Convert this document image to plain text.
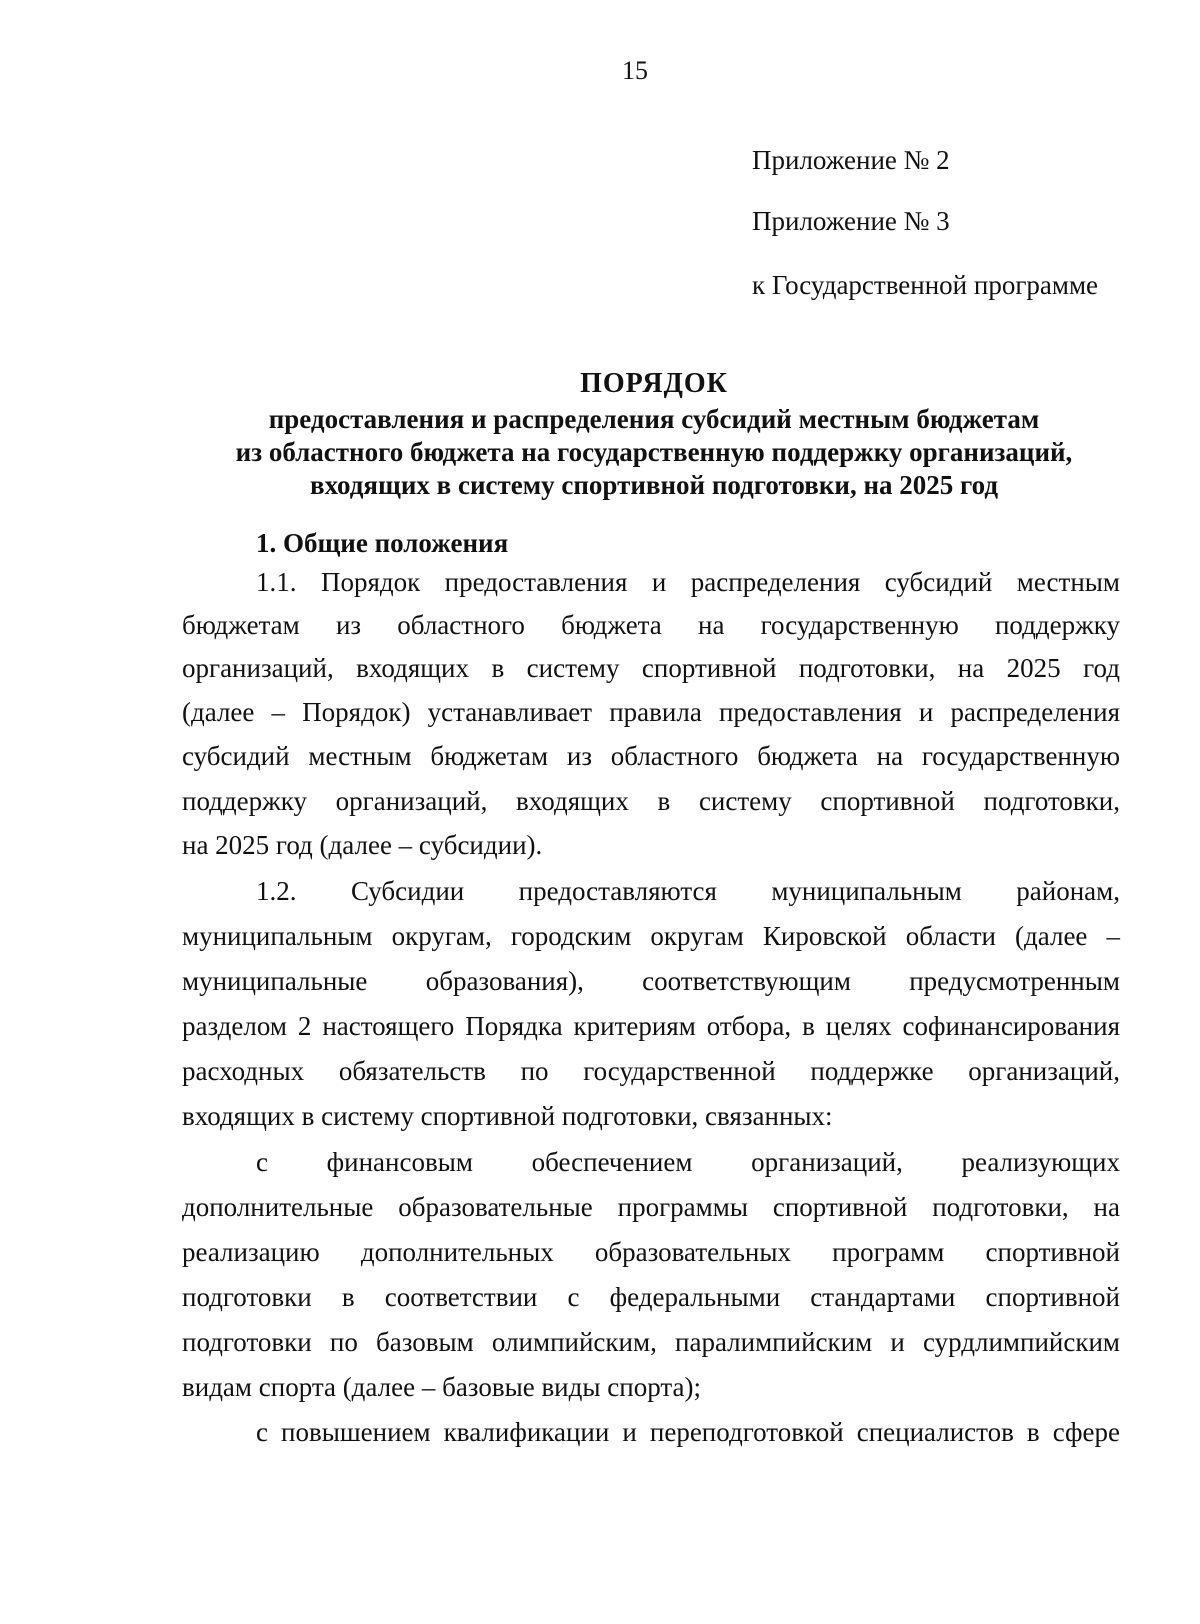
15
Приложение № 2
Приложение № 3
к Государственной программе
ПОРЯДОК
предоставления и распределения субсидий местным бюджетам
из областного бюджета на государственную поддержку организаций,
входящих в систему спортивной подготовки, на 2025 год
1. Общие положения
1.1. Порядок предоставления и распределения субсидий местным
бюджетам из областного бюджета на государственную поддержку
организаций, входящих в систему спортивной подготовки, на 2025 год
(далее – Порядок) устанавливает правила предоставления и распределения
субсидий местным бюджетам из областного бюджета на государственную
поддержку организаций, входящих в систему спортивной подготовки,
на 2025 год (далее – субсидии).
1.2. Субсидии предоставляются муниципальным районам,
муниципальным округам, городским округам Кировской области (далее –
муниципальные образования), соответствующим предусмотренным
разделом 2 настоящего Порядка критериям отбора, в целях софинансирования
расходных обязательств по государственной поддержке организаций,
входящих в систему спортивной подготовки, связанных:
с финансовым обеспечением организаций, реализующих
дополнительные образовательные программы спортивной подготовки, на
реализацию дополнительных образовательных программ спортивной
подготовки в соответствии с федеральными стандартами спортивной
подготовки по базовым олимпийским, паралимпийским и сурдлимпийским
видам спорта (далее – базовые виды спорта);
с повышением квалификации и переподготовкой специалистов в сфере
